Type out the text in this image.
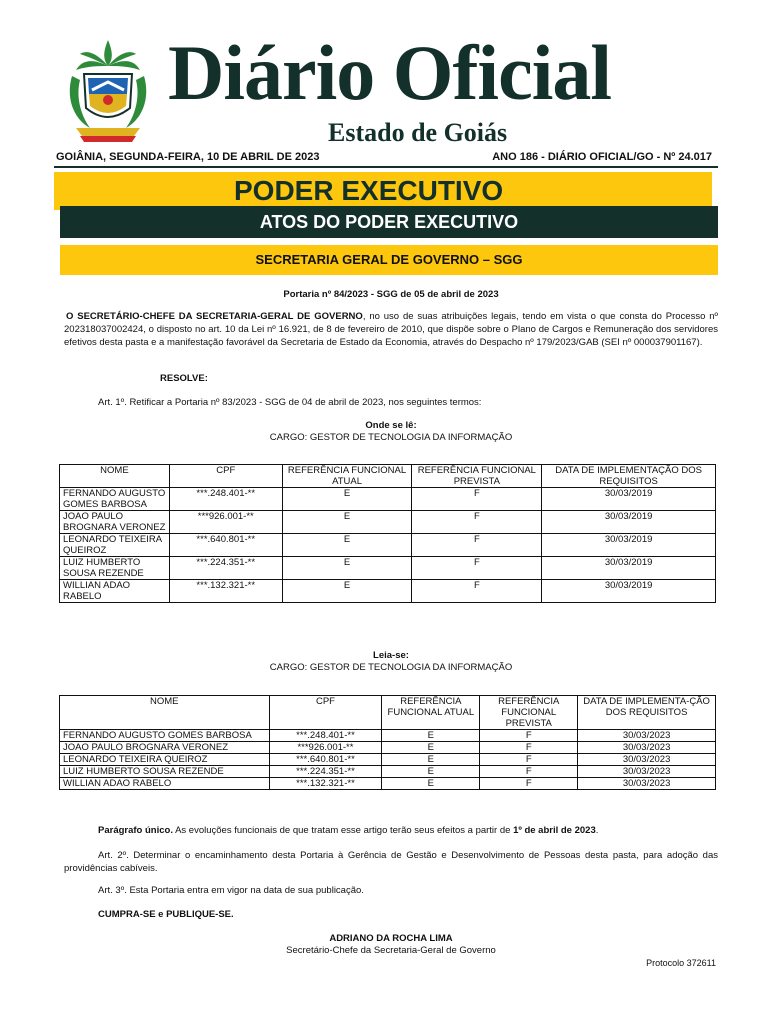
Diário Oficial
Estado de Goiás
GOIÂNIA, SEGUNDA-FEIRA, 10 DE ABRIL DE 2023	ANO 186 - DIÁRIO OFICIAL/GO - Nº 24.017
PODER EXECUTIVO
ATOS DO PODER EXECUTIVO
SECRETARIA GERAL DE GOVERNO – SGG
Portaria nº 84/2023 - SGG de 05 de abril de 2023
O SECRETÁRIO-CHEFE DA SECRETARIA-GERAL DE GOVERNO, no uso de suas atribuições legais, tendo em vista o que consta do Processo nº 202318037002424, o disposto no art. 10 da Lei nº 16.921, de 8 de fevereiro de 2010, que dispõe sobre o Plano de Cargos e Remuneração dos servidores efetivos desta pasta e a manifestação favorável da Secretaria de Estado da Economia, através do Despacho nº 179/2023/GAB (SEI nº 000037901167).
RESOLVE:
Art. 1º. Retificar a Portaria nº 83/2023 - SGG de 04 de abril de 2023, nos seguintes termos:
Onde se lê:
CARGO: GESTOR DE TECNOLOGIA DA INFORMAÇÃO
NOME	CPF	REFERÊNCIA FUNCIONAL ATUAL	REFERÊNCIA FUNCIONAL PREVISTA	DATA DE IMPLEMENTAÇÃO DOS REQUISITOS
FERNANDO AUGUSTO GOMES BARBOSA	***.248.401-**	E	F	30/03/2019
JOAO PAULO BROGNARA VERONEZ	***926.001-**	E	F	30/03/2019
LEONARDO TEIXEIRA QUEIROZ	***.640.801-**	E	F	30/03/2019
LUIZ HUMBERTO SOUSA REZENDE	***.224.351-**	E	F	30/03/2019
WILLIAN ADAO RABELO	***.132.321-**	E	F	30/03/2019
Leia-se:
CARGO: GESTOR DE TECNOLOGIA DA INFORMAÇÃO
NOME	CPF	REFERÊNCIA FUNCIONAL ATUAL	REFERÊNCIA FUNCIONAL PREVISTA	DATA DE IMPLEMENTA-ÇÃO DOS REQUISITOS
FERNANDO AUGUSTO GOMES BARBOSA	***.248.401-**	E	F	30/03/2023
JOAO PAULO BROGNARA VERONEZ	***926.001-**	E	F	30/03/2023
LEONARDO TEIXEIRA QUEIROZ	***.640.801-**	E	F	30/03/2023
LUIZ HUMBERTO SOUSA REZENDE	***.224.351-**	E	F	30/03/2023
WILLIAN ADAO RABELO	***.132.321-**	E	F	30/03/2023
Parágrafo único. As evoluções funcionais de que tratam esse artigo terão seus efeitos a partir de 1º de abril de 2023.
Art. 2º. Determinar o encaminhamento desta Portaria à Gerência de Gestão e Desenvolvimento de Pessoas desta pasta, para adoção das providências cabíveis.
Art. 3º. Esta Portaria entra em vigor na data de sua publicação.
CUMPRA-SE e PUBLIQUE-SE.
ADRIANO DA ROCHA LIMA
Secretário-Chefe da Secretaria-Geral de Governo
Protocolo 372611
